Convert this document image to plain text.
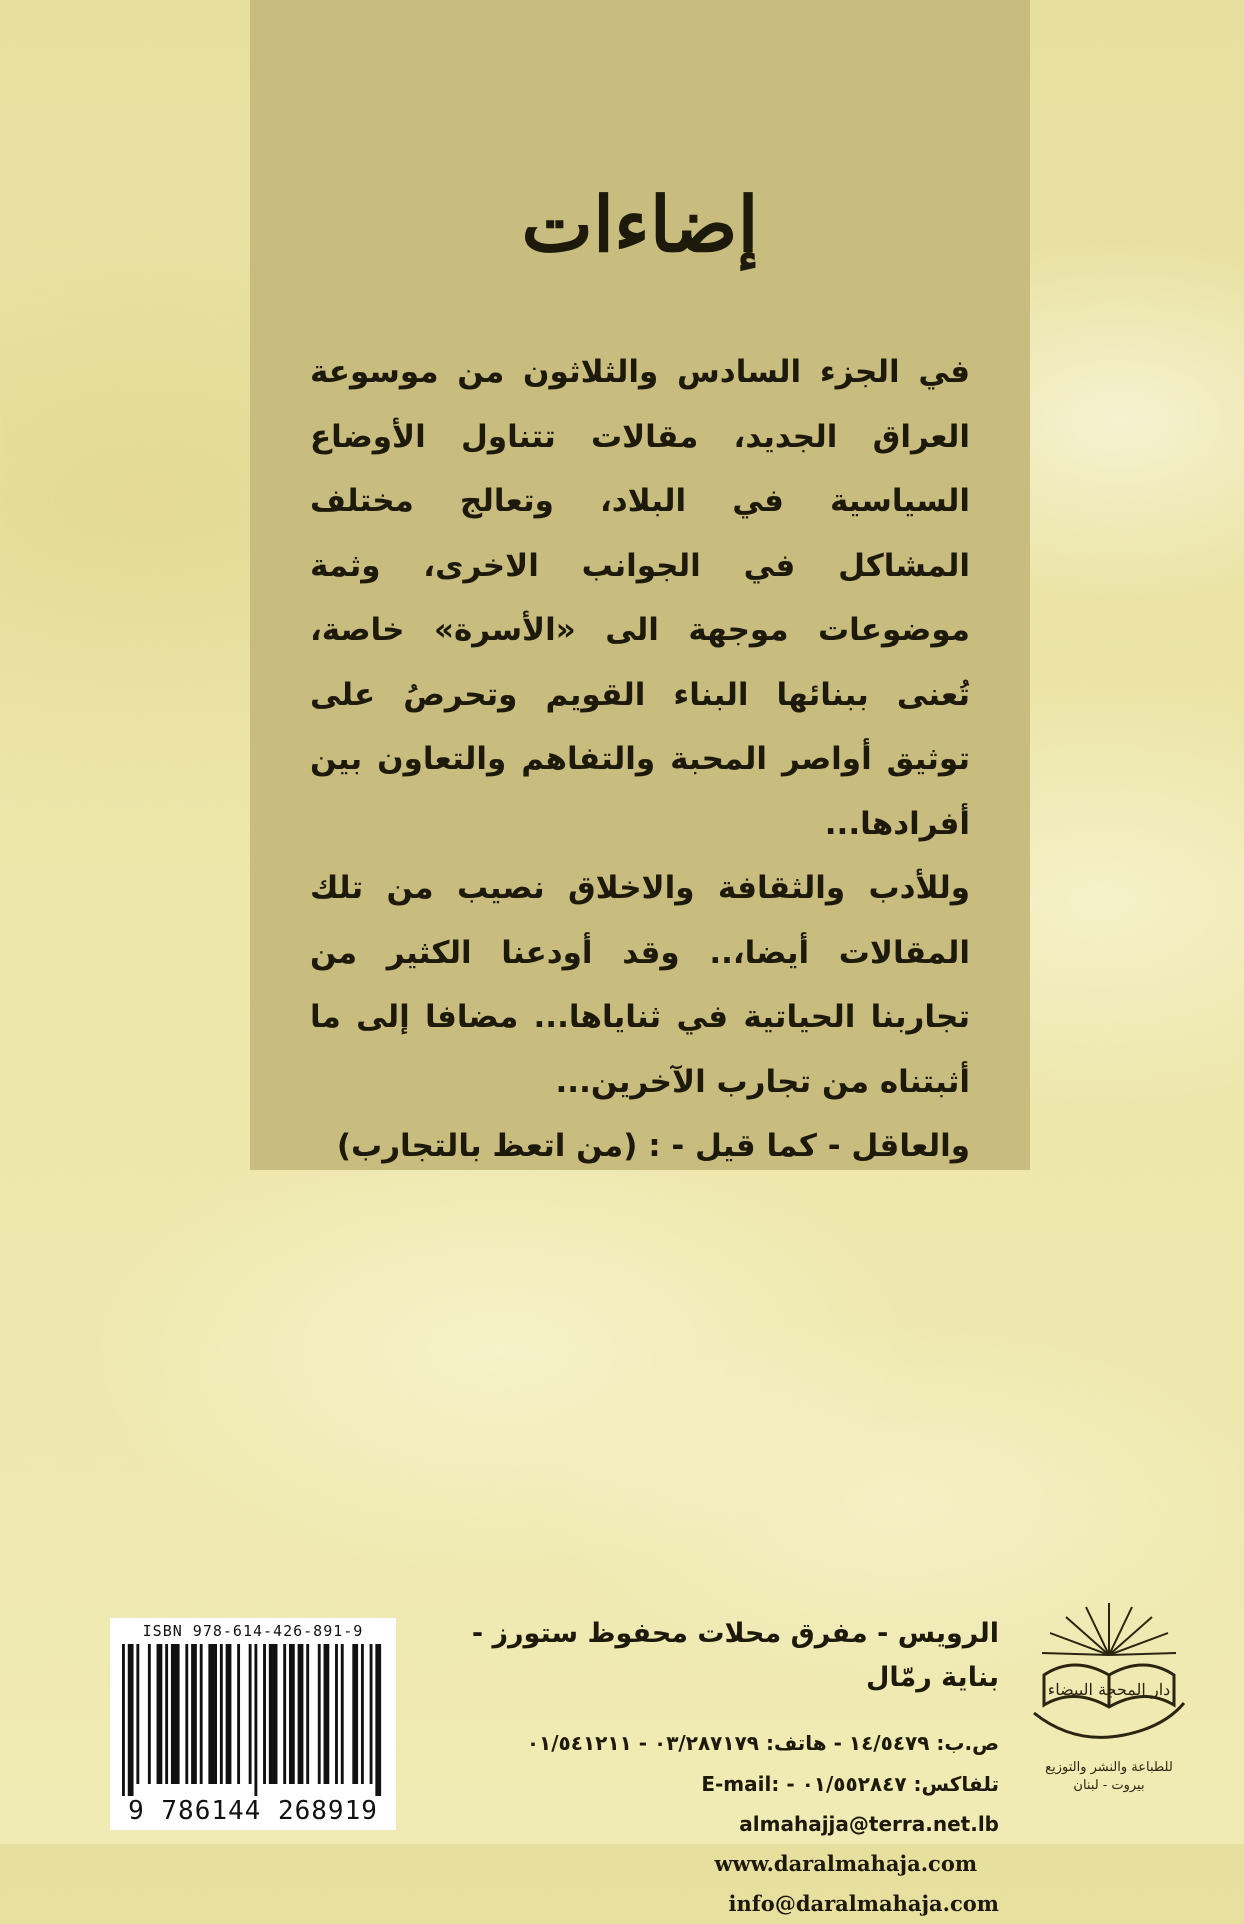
إضاءات

في الجزء السادس والثلاثون من موسوعة العراق الجديد، مقالات تتناول الأوضاع السياسية في البلاد، وتعالج مختلف المشاكل في الجوانب الاخرى، وثمة موضوعات موجهة الى «الأسرة» خاصة، تُعنى ببنائها البناء القويم وتحرصُ على توثيق أواصر المحبة والتفاهم والتعاون بين أفرادها...

وللأدب والثقافة والاخلاق نصيب من تلك المقالات أيضا،.. وقد أودعنا الكثير من تجاربنا الحياتية في ثناياها... مضافا إلى ما أثبتناه من تجارب الآخرين...

والعاقل - كما قيل - : (من اتعظ بالتجارب)

دار المحجة البيضاء
للطباعة والنشر والتوزيع
بيروت - لبنان
الرويس - مفرق محلات محفوظ ستورز - بناية رمّال
ص.ب: ١٤/٥٤٧٩ - هاتف: ٠٣/٢٨٧١٧٩ - ٠١/٥٤١٢١١
تلفاكس: ٠١/٥٥٢٨٤٧ - E-mail: almahajja@terra.net.lb
www.daralmahaja.com    info@daralmahaja.com
ISBN 978-614-426-891-9
9 786144 268919
